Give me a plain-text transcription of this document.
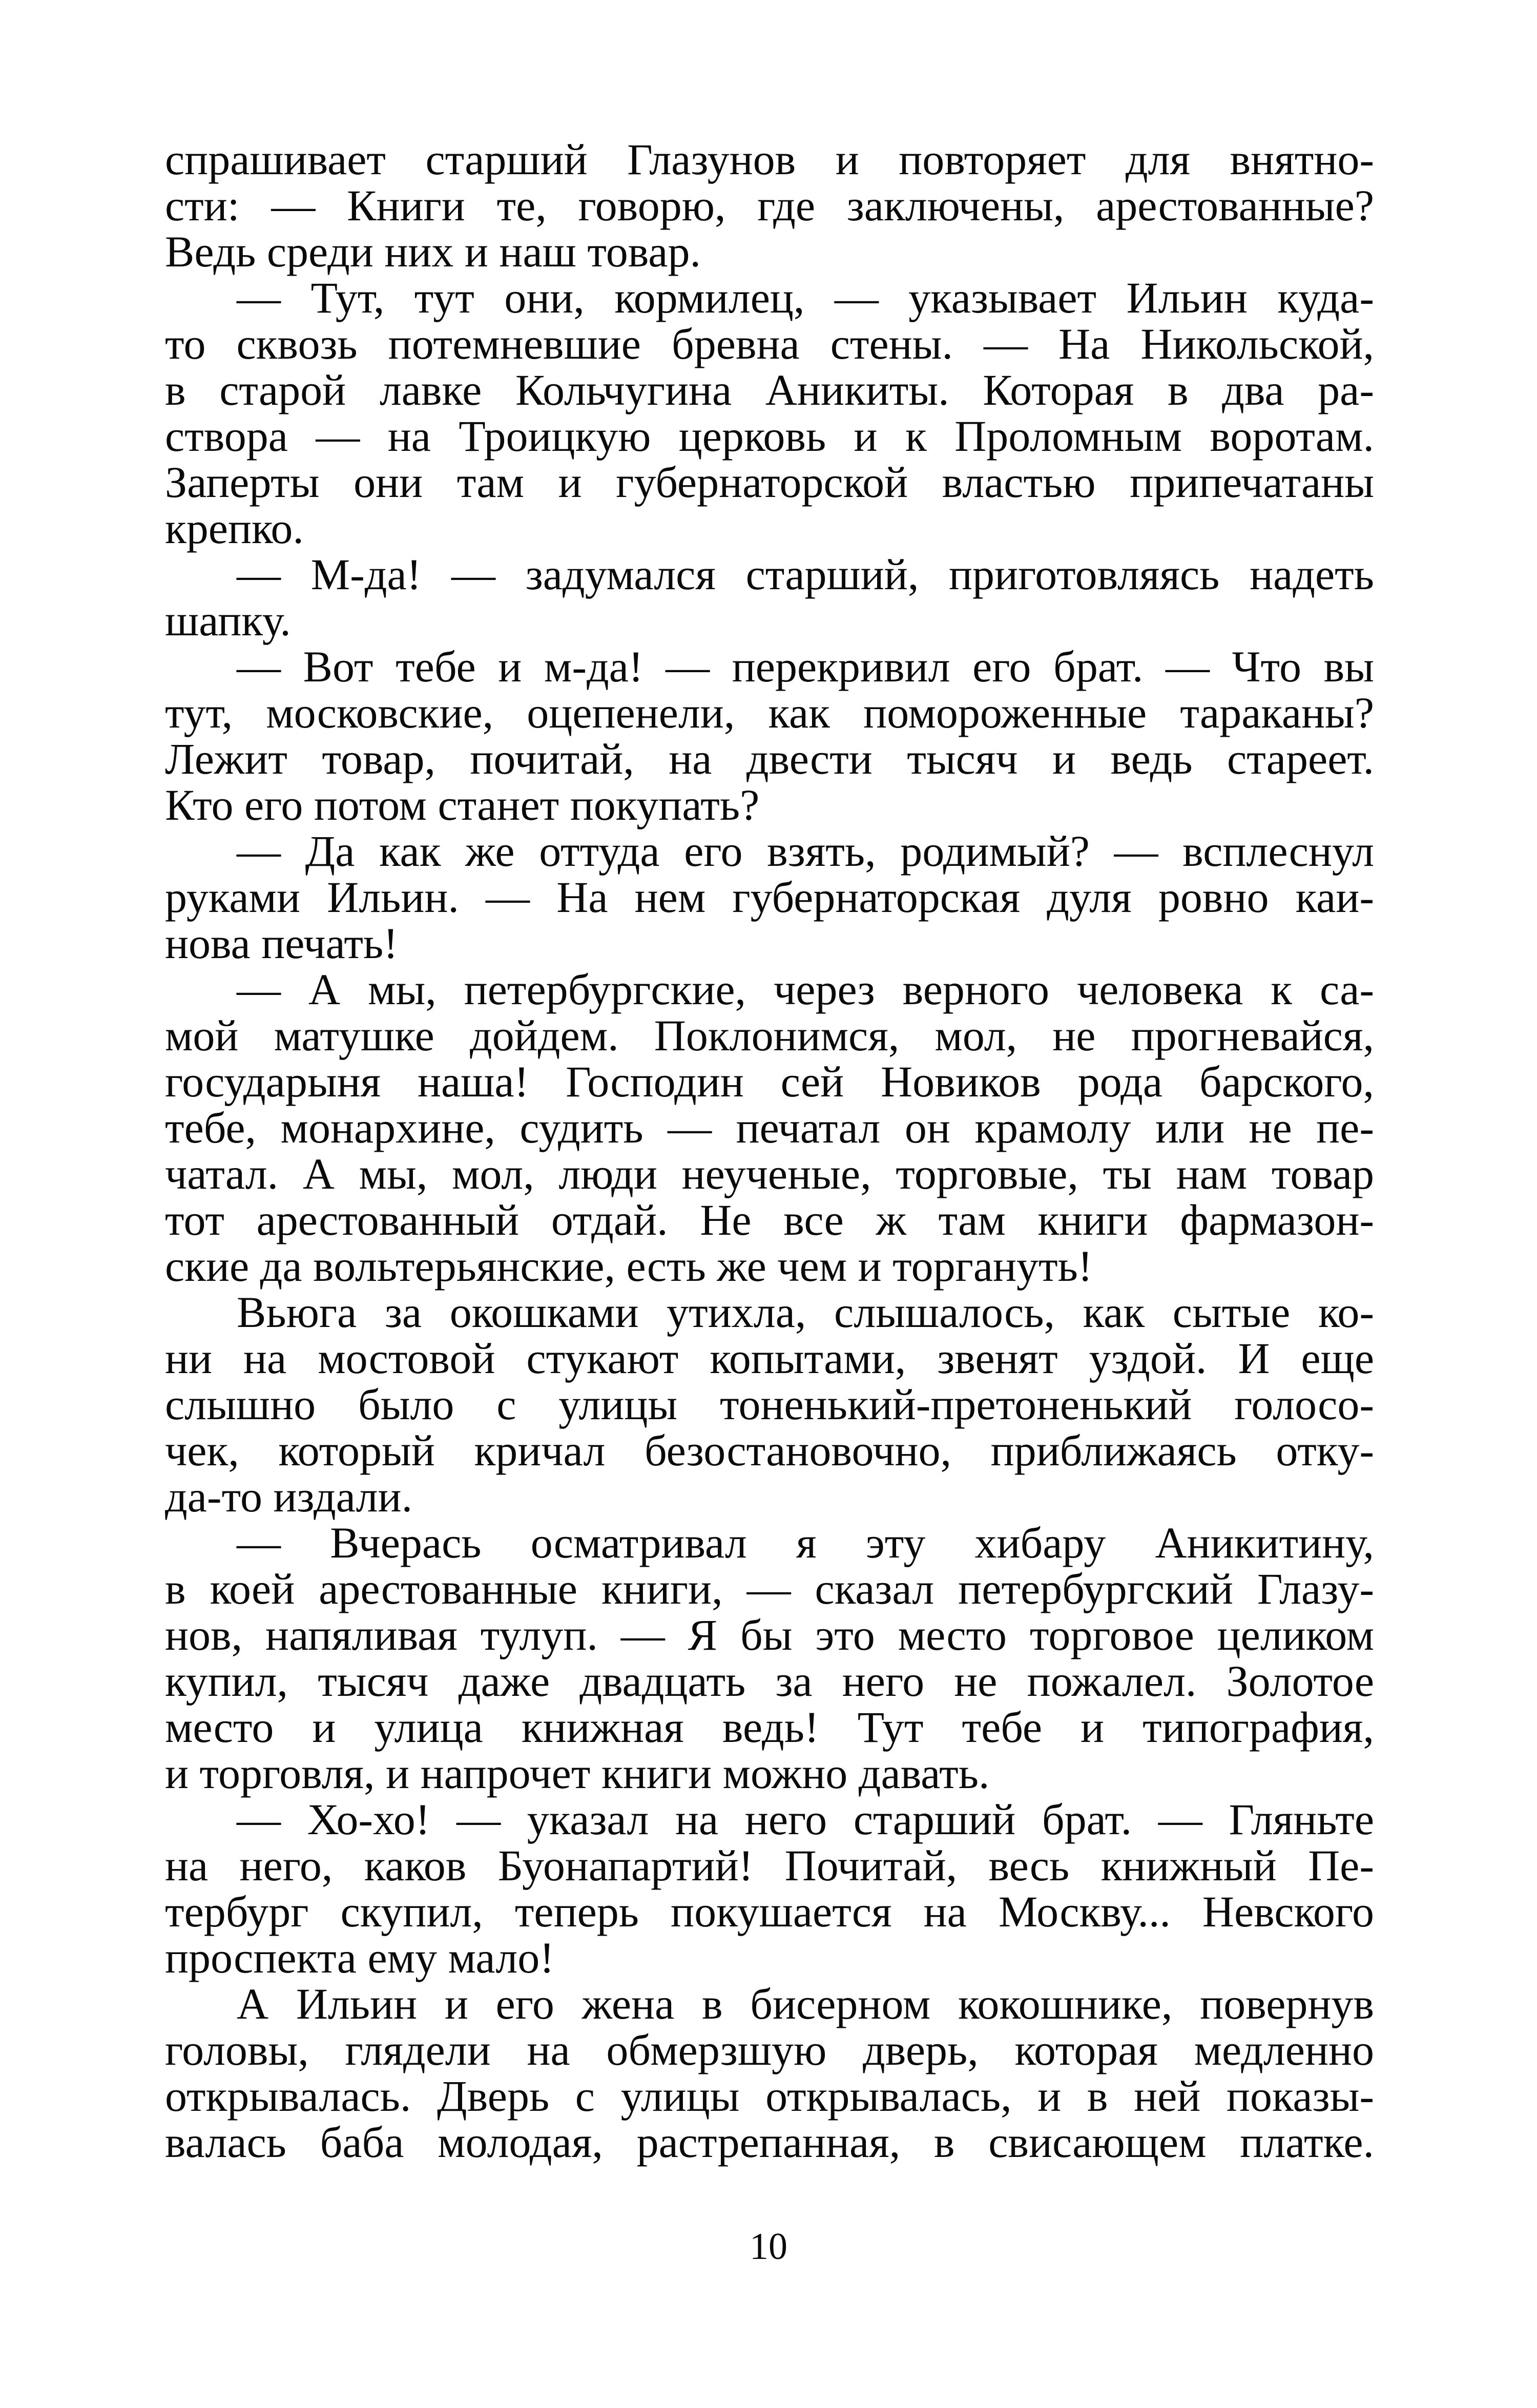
спрашивает старший Глазунов и повторяет для внятно-
сти: — Книги те, говорю, где заключены, арестованные?
Ведь среди них и наш товар.
— Тут, тут они, кормилец, — указывает Ильин куда-
то сквозь потемневшие бревна стены. — На Никольской,
в старой лавке Кольчугина Аникиты. Которая в два ра-
створа — на Троицкую церковь и к Проломным воротам.
Заперты они там и губернаторской властью припечатаны
крепко.
— М-да! — задумался старший, приготовляясь надеть
шапку.
— Вот тебе и м-да! — перекривил его брат. — Что вы
тут, московские, оцепенели, как помороженные тараканы?
Лежит товар, почитай, на двести тысяч и ведь стареет.
Кто его потом станет покупать?
— Да как же оттуда его взять, родимый? — всплеснул
руками Ильин. — На нем губернаторская дуля ровно каи-
нова печать!
— А мы, петербургские, через верного человека к са-
мой матушке дойдем. Поклонимся, мол, не прогневайся,
государыня наша! Господин сей Новиков рода барского,
тебе, монархине, судить — печатал он крамолу или не пе-
чатал. А мы, мол, люди неученые, торговые, ты нам товар
тот арестованный отдай. Не все ж там книги фармазон-
ские да вольтерьянские, есть же чем и торгануть!
Вьюга за окошками утихла, слышалось, как сытые ко-
ни на мостовой стукают копытами, звенят уздой. И еще
слышно было с улицы тоненький-претоненький голосо-
чек, который кричал безостановочно, приближаясь отку-
да-то издали.
— Вчерась осматривал я эту хибару Аникитину,
в коей арестованные книги, — сказал петербургский Глазу-
нов, напяливая тулуп. — Я бы это место торговое целиком
купил, тысяч даже двадцать за него не пожалел. Золотое
место и улица книжная ведь! Тут тебе и типография,
и торговля, и напрочет книги можно давать.
— Хо-хо! — указал на него старший брат. — Гляньте
на него, каков Буонапартий! Почитай, весь книжный Пе-
тербург скупил, теперь покушается на Москву... Невского
проспекта ему мало!
А Ильин и его жена в бисерном кокошнике, повернув
головы, глядели на обмерзшую дверь, которая медленно
открывалась. Дверь с улицы открывалась, и в ней показы-
валась баба молодая, растрепанная, в свисающем платке.
10
